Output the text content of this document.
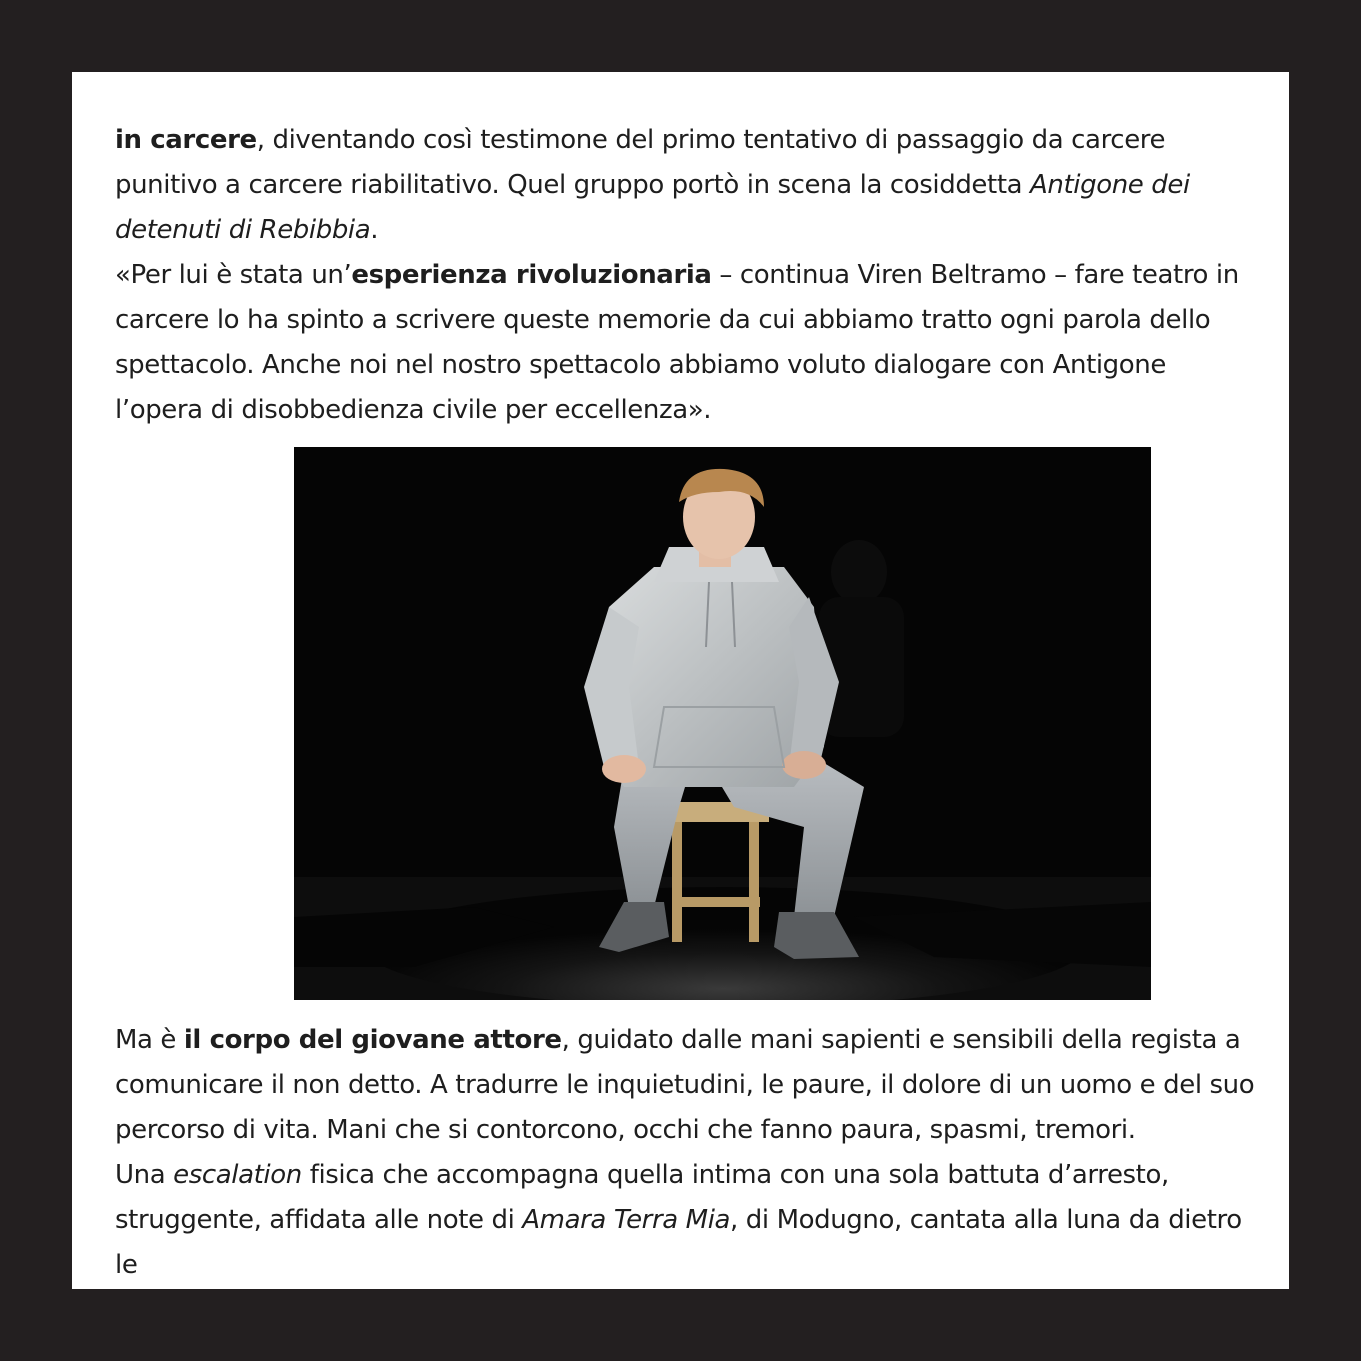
in carcere, diventando così testimone del primo tentativo di passaggio da carcere punitivo a carcere riabilitativo. Quel gruppo portò in scena la cosiddetta Antigone dei detenuti di Rebibbia.

«Per lui è stata un’esperienza rivoluzionaria – continua Viren Beltramo – fare teatro in carcere lo ha spinto a scrivere queste memorie da cui abbiamo tratto ogni parola dello spettacolo. Anche noi nel nostro spettacolo abbiamo voluto dialogare con Antigone l’opera di disobbedienza civile per eccellenza».

Ma è il corpo del giovane attore, guidato dalle mani sapienti e sensibili della regista a comunicare il non detto. A tradurre le inquietudini, le paure, il dolore di un uomo e del suo percorso di vita. Mani che si contorcono, occhi che fanno paura, spasmi, tremori.

Una escalation fisica che accompagna quella intima con una sola battuta d’arresto, struggente, affidata alle note di Amara Terra Mia, di Modugno, cantata alla luna da dietro le
